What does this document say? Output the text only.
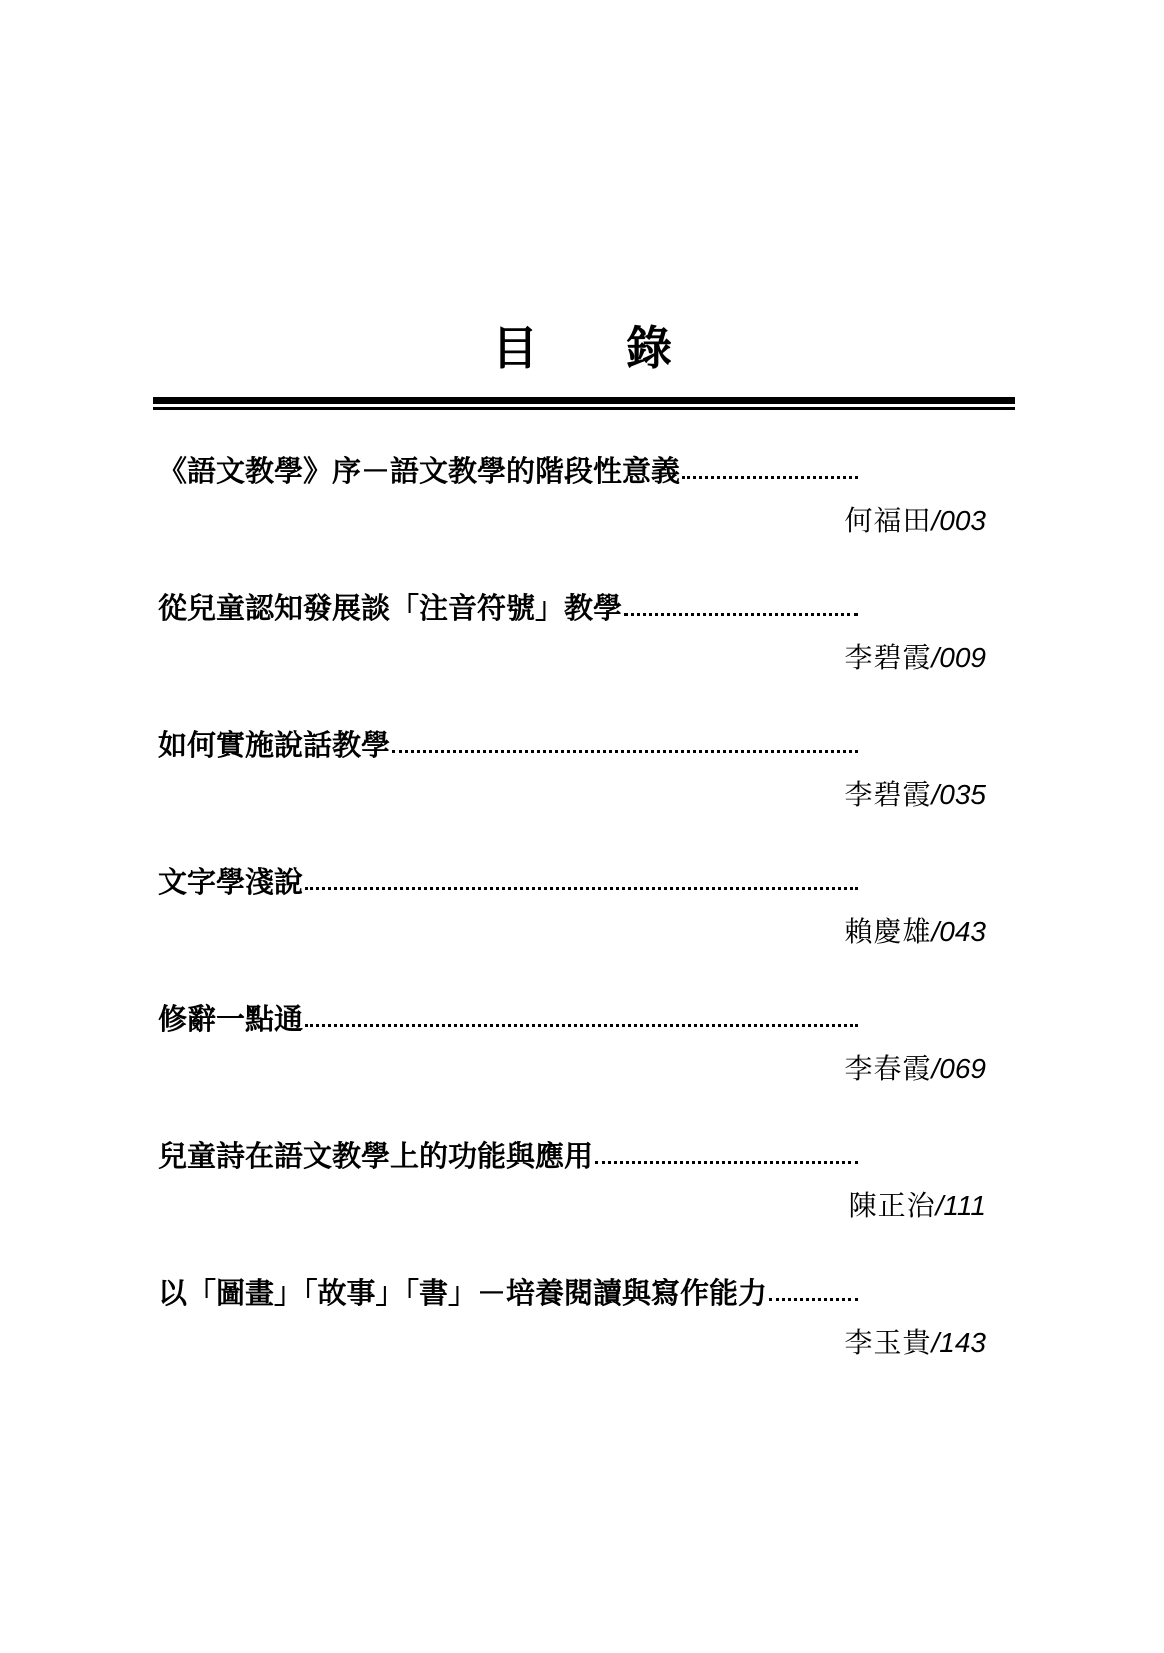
目錄
《語文教學》序－語文教學的階段性意義
何福田/003
從兒童認知發展談「注音符號」教學
李碧霞/009
如何實施說話教學
李碧霞/035
文字學淺說
賴慶雄/043
修辭一點通
李春霞/069
兒童詩在語文教學上的功能與應用
陳正治/111
以「圖畫」「故事」「書」－培養閱讀與寫作能力
李玉貴/143
